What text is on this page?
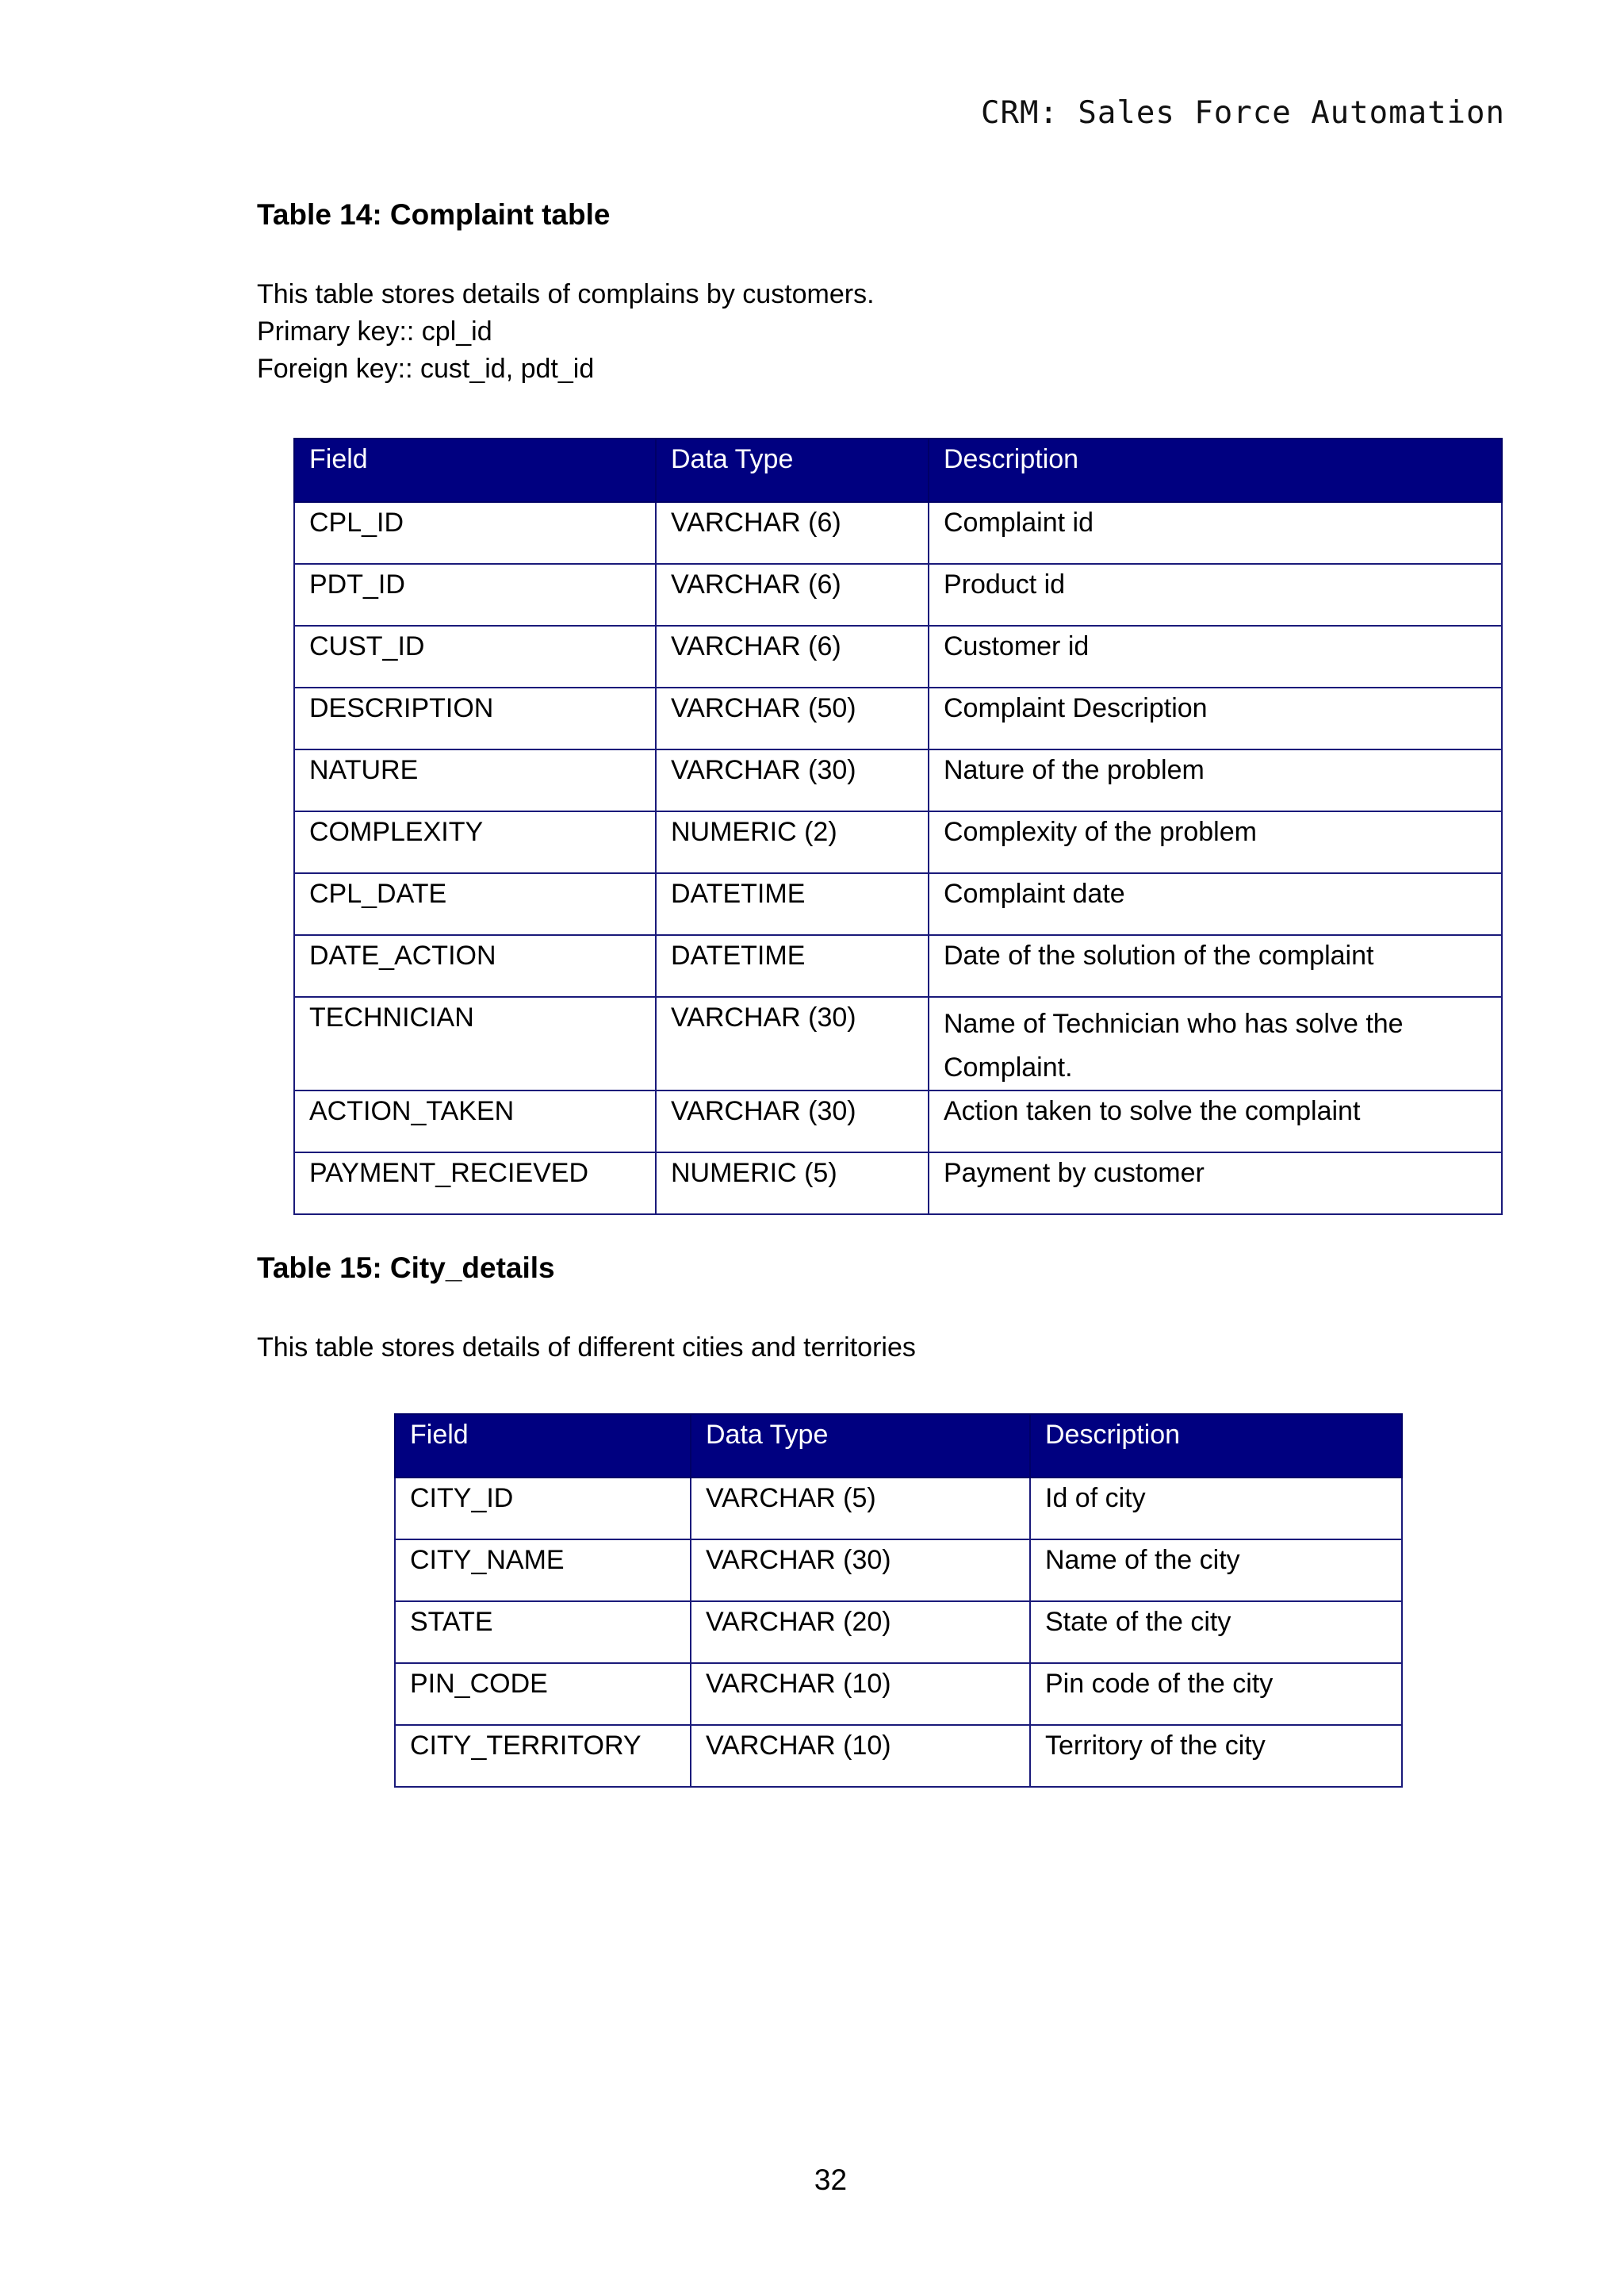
CRM: Sales Force Automation

Table 14: Complaint table

This table stores details of complains by customers.

Primary key:: cpl_id

Foreign key:: cust_id, pdt_id

Field	Data Type	Description
CPL_ID	VARCHAR (6)	Complaint id
PDT_ID	VARCHAR (6)	Product id
CUST_ID	VARCHAR (6)	Customer id
DESCRIPTION	VARCHAR (50)	Complaint Description
NATURE	VARCHAR (30)	Nature of the problem
COMPLEXITY	NUMERIC (2)	Complexity of the problem
CPL_DATE	DATETIME	Complaint date
DATE_ACTION	DATETIME	Date of the solution of the complaint
TECHNICIAN	VARCHAR (30)	Name of Technician who has solve the Complaint.
ACTION_TAKEN	VARCHAR (30)	Action taken to solve the complaint
PAYMENT_RECIEVED	NUMERIC (5)	Payment by customer

Table 15: City_details

This table stores details of different cities and territories

Field	Data Type	Description
CITY_ID	VARCHAR (5)	Id of city
CITY_NAME	VARCHAR (30)	Name of the city
STATE	VARCHAR (20)	State of the city
PIN_CODE	VARCHAR (10)	Pin code of the city
CITY_TERRITORY	VARCHAR (10)	Territory of the city
32
